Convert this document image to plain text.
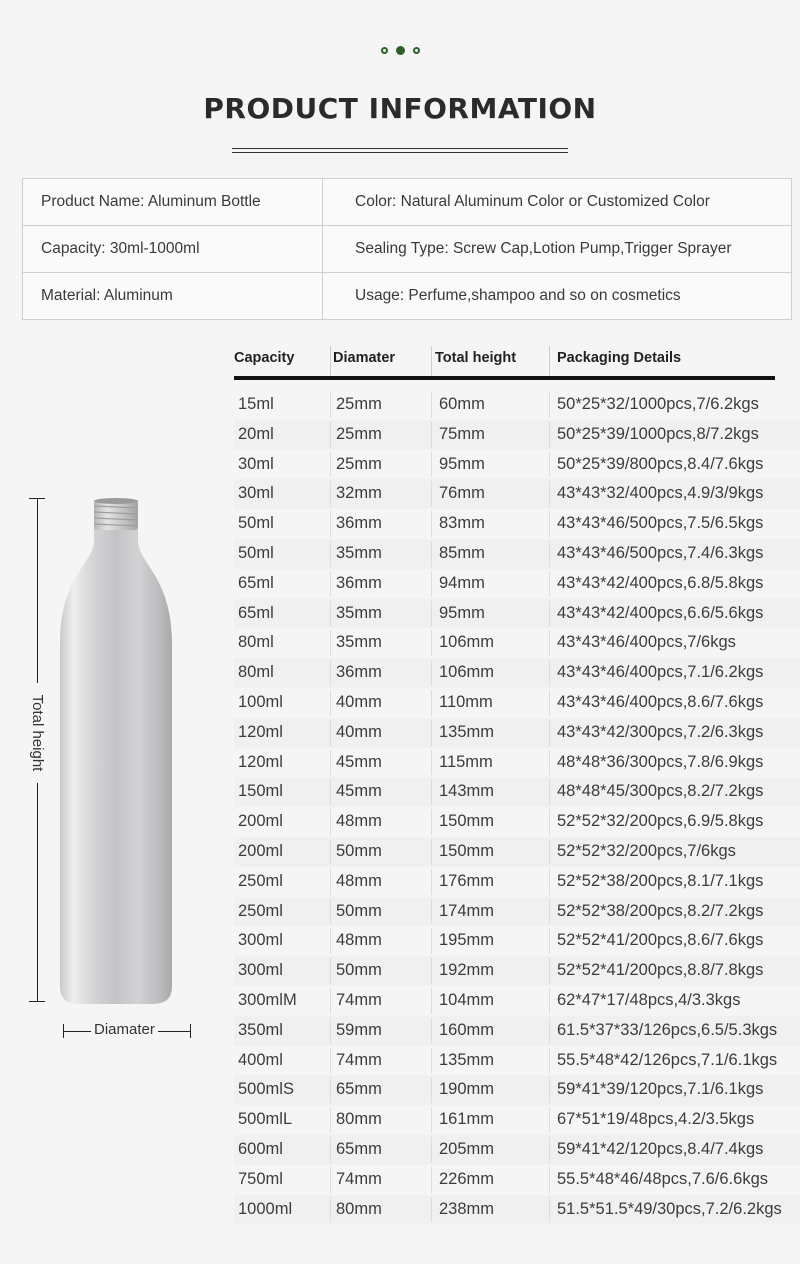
PRODUCT INFORMATION
Product Name: Aluminum Bottle	Color: Natural Aluminum Color or Customized Color
Capacity: 30ml-1000ml	Sealing Type: Screw Cap,Lotion Pump,Trigger Sprayer
Material: Aluminum	Usage: Perfume,shampoo and so on cosmetics
Total height
Diamater
Capacity	Diamater	Total height	Packaging Details
15ml	25mm	60mm	50*25*32/1000pcs,7/6.2kgs
20ml	25mm	75mm	50*25*39/1000pcs,8/7.2kgs
30ml	25mm	95mm	50*25*39/800pcs,8.4/7.6kgs
30ml	32mm	76mm	43*43*32/400pcs,4.9/3/9kgs
50ml	36mm	83mm	43*43*46/500pcs,7.5/6.5kgs
50ml	35mm	85mm	43*43*46/500pcs,7.4/6.3kgs
65ml	36mm	94mm	43*43*42/400pcs,6.8/5.8kgs
65ml	35mm	95mm	43*43*42/400pcs,6.6/5.6kgs
80ml	35mm	106mm	43*43*46/400pcs,7/6kgs
80ml	36mm	106mm	43*43*46/400pcs,7.1/6.2kgs
100ml	40mm	110mm	43*43*46/400pcs,8.6/7.6kgs
120ml	40mm	135mm	43*43*42/300pcs,7.2/6.3kgs
120ml	45mm	115mm	48*48*36/300pcs,7.8/6.9kgs
150ml	45mm	143mm	48*48*45/300pcs,8.2/7.2kgs
200ml	48mm	150mm	52*52*32/200pcs,6.9/5.8kgs
200ml	50mm	150mm	52*52*32/200pcs,7/6kgs
250ml	48mm	176mm	52*52*38/200pcs,8.1/7.1kgs
250ml	50mm	174mm	52*52*38/200pcs,8.2/7.2kgs
300ml	48mm	195mm	52*52*41/200pcs,8.6/7.6kgs
300ml	50mm	192mm	52*52*41/200pcs,8.8/7.8kgs
300mlM 74mm	104mm	62*47*17/48pcs,4/3.3kgs
350ml	59mm	160mm	61.5*37*33/126pcs,6.5/5.3kgs
400ml	74mm	135mm	55.5*48*42/126pcs,7.1/6.1kgs
500mlS	65mm	190mm	59*41*39/120pcs,7.1/6.1kgs
500mlL	80mm	161mm	67*51*19/48pcs,4.2/3.5kgs
600ml	65mm	205mm	59*41*42/120pcs,8.4/7.4kgs
750ml	74mm	226mm	55.5*48*46/48pcs,7.6/6.6kgs
1000ml	80mm	238mm	51.5*51.5*49/30pcs,7.2/6.2kgs
